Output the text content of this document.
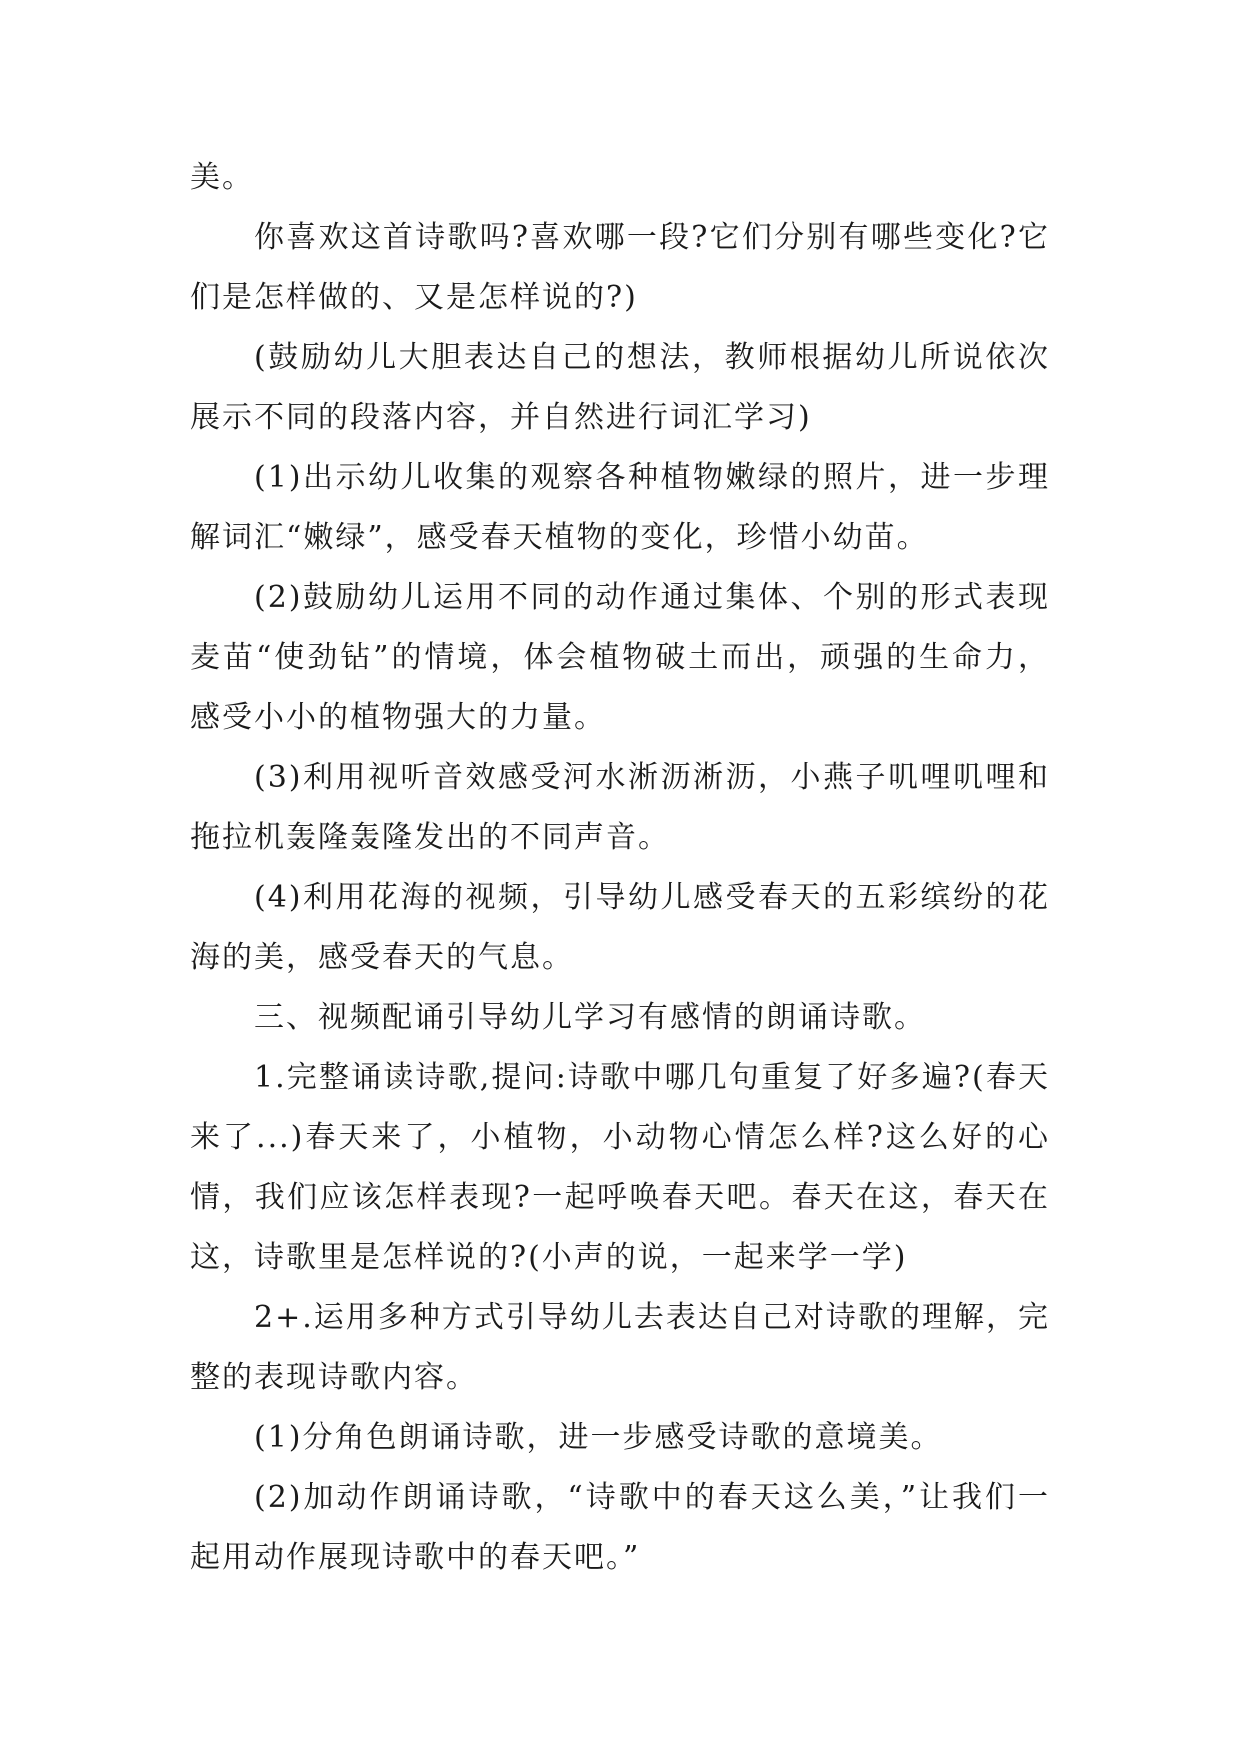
美。

你喜欢这首诗歌吗?喜欢哪一段?它们分别有哪些变化?它们是怎样做的、又是怎样说的?)

(鼓励幼儿大胆表达自己的想法，教师根据幼儿所说依次展示不同的段落内容，并自然进行词汇学习)

(1)出示幼儿收集的观察各种植物嫩绿的照片，进一步理解词汇“嫩绿”，感受春天植物的变化，珍惜小幼苗。

(2)鼓励幼儿运用不同的动作通过集体、个别的形式表现麦苗“使劲钻”的情境，体会植物破土而出，顽强的生命力，感受小小的植物强大的力量。

(3)利用视听音效感受河水淅沥淅沥，小燕子叽哩叽哩和拖拉机轰隆轰隆发出的不同声音。

(4)利用花海的视频，引导幼儿感受春天的五彩缤纷的花海的美，感受春天的气息。

三、视频配诵引导幼儿学习有感情的朗诵诗歌。

1.完整诵读诗歌,提问:诗歌中哪几句重复了好多遍?(春天来了...)春天来了，小植物，小动物心情怎么样?这么好的心情，我们应该怎样表现?一起呼唤春天吧。春天在这，春天在这，诗歌里是怎样说的?(小声的说，一起来学一学)

2+.运用多种方式引导幼儿去表达自己对诗歌的理解，完整的表现诗歌内容。

(1)分角色朗诵诗歌，进一步感受诗歌的意境美。

(2)加动作朗诵诗歌，“诗歌中的春天这么美，”让我们一起用动作展现诗歌中的春天吧。”
